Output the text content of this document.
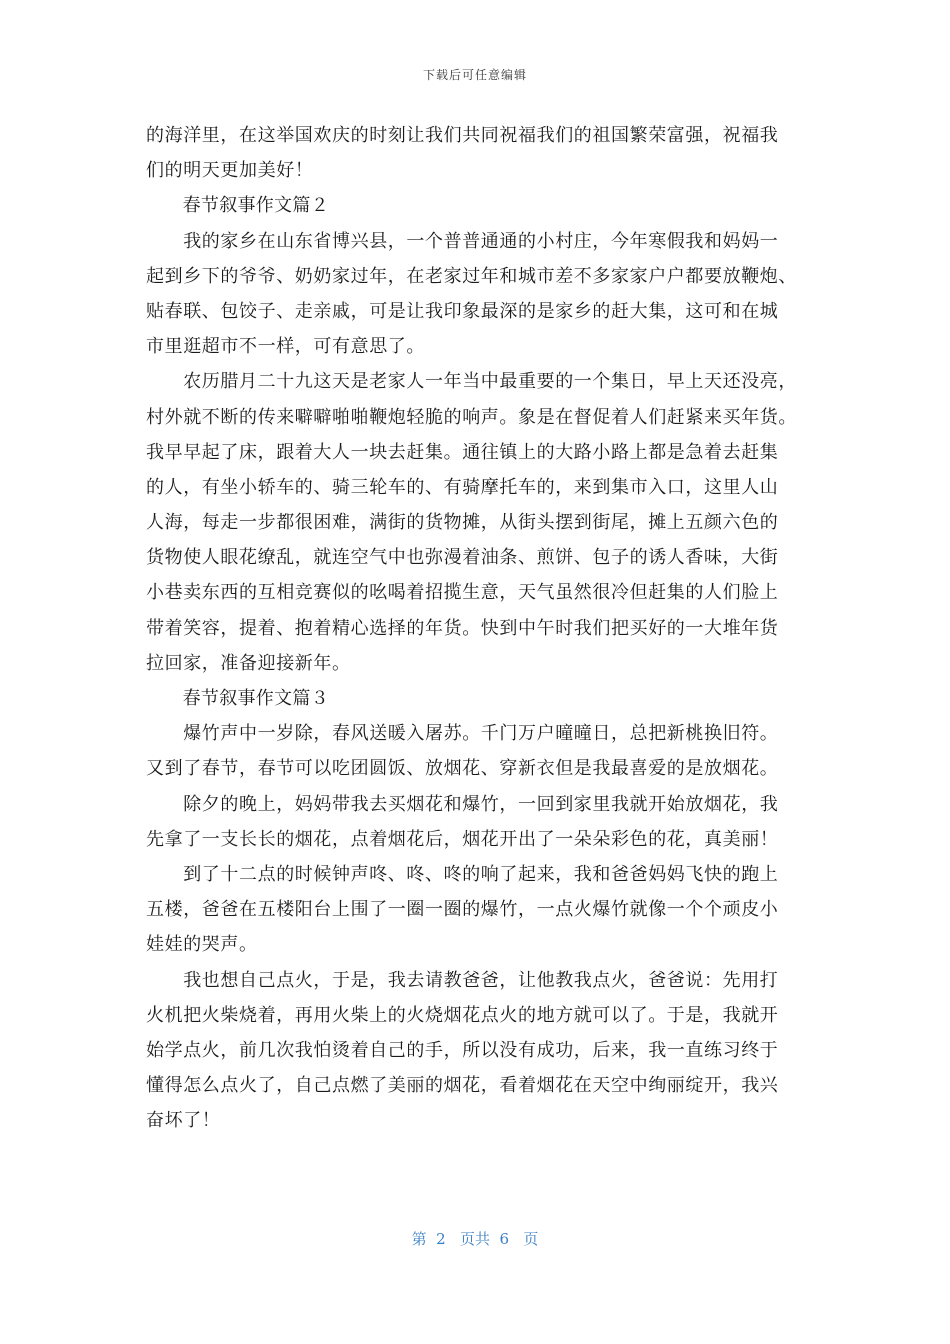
下载后可任意编辑
的海洋里，在这举国欢庆的时刻让我们共同祝福我们的祖国繁荣富强，祝福我
们的明天更加美好！
　　春节叙事作文篇２
　　我的家乡在山东省博兴县，一个普普通通的小村庄，今年寒假我和妈妈一
起到乡下的爷爷、奶奶家过年，在老家过年和城市差不多家家户户都要放鞭炮、
贴春联、包饺子、走亲戚，可是让我印象最深的是家乡的赶大集，这可和在城
市里逛超市不一样，可有意思了。
　　农历腊月二十九这天是老家人一年当中最重要的一个集日，早上天还没亮，
村外就不断的传来噼噼啪啪鞭炮轻脆的响声。象是在督促着人们赶紧来买年货。
我早早起了床，跟着大人一块去赶集。通往镇上的大路小路上都是急着去赶集
的人，有坐小轿车的、骑三轮车的、有骑摩托车的，来到集市入口，这里人山
人海，每走一步都很困难，满街的货物摊，从街头摆到街尾，摊上五颜六色的
货物使人眼花缭乱，就连空气中也弥漫着油条、煎饼、包子的诱人香味，大街
小巷卖东西的互相竞赛似的吆喝着招揽生意，天气虽然很冷但赶集的人们脸上
带着笑容，提着、抱着精心选择的年货。快到中午时我们把买好的一大堆年货
拉回家，准备迎接新年。
　　春节叙事作文篇３
　　爆竹声中一岁除，春风送暖入屠苏。千门万户曈曈日，总把新桃换旧符。
又到了春节，春节可以吃团圆饭、放烟花、穿新衣但是我最喜爱的是放烟花。
　　除夕的晚上，妈妈带我去买烟花和爆竹，一回到家里我就开始放烟花，我
先拿了一支长长的烟花，点着烟花后，烟花开出了一朵朵彩色的花，真美丽！
　　到了十二点的时候钟声咚、咚、咚的响了起来，我和爸爸妈妈飞快的跑上
五楼，爸爸在五楼阳台上围了一圈一圈的爆竹，一点火爆竹就像一个个顽皮小
娃娃的哭声。
　　我也想自己点火，于是，我去请教爸爸，让他教我点火，爸爸说：先用打
火机把火柴烧着，再用火柴上的火烧烟花点火的地方就可以了。于是，我就开
始学点火，前几次我怕烫着自己的手，所以没有成功，后来，我一直练习终于
懂得怎么点火了，自己点燃了美丽的烟花，看着烟花在天空中绚丽绽开，我兴
奋坏了！
第  2   页共  6   页
